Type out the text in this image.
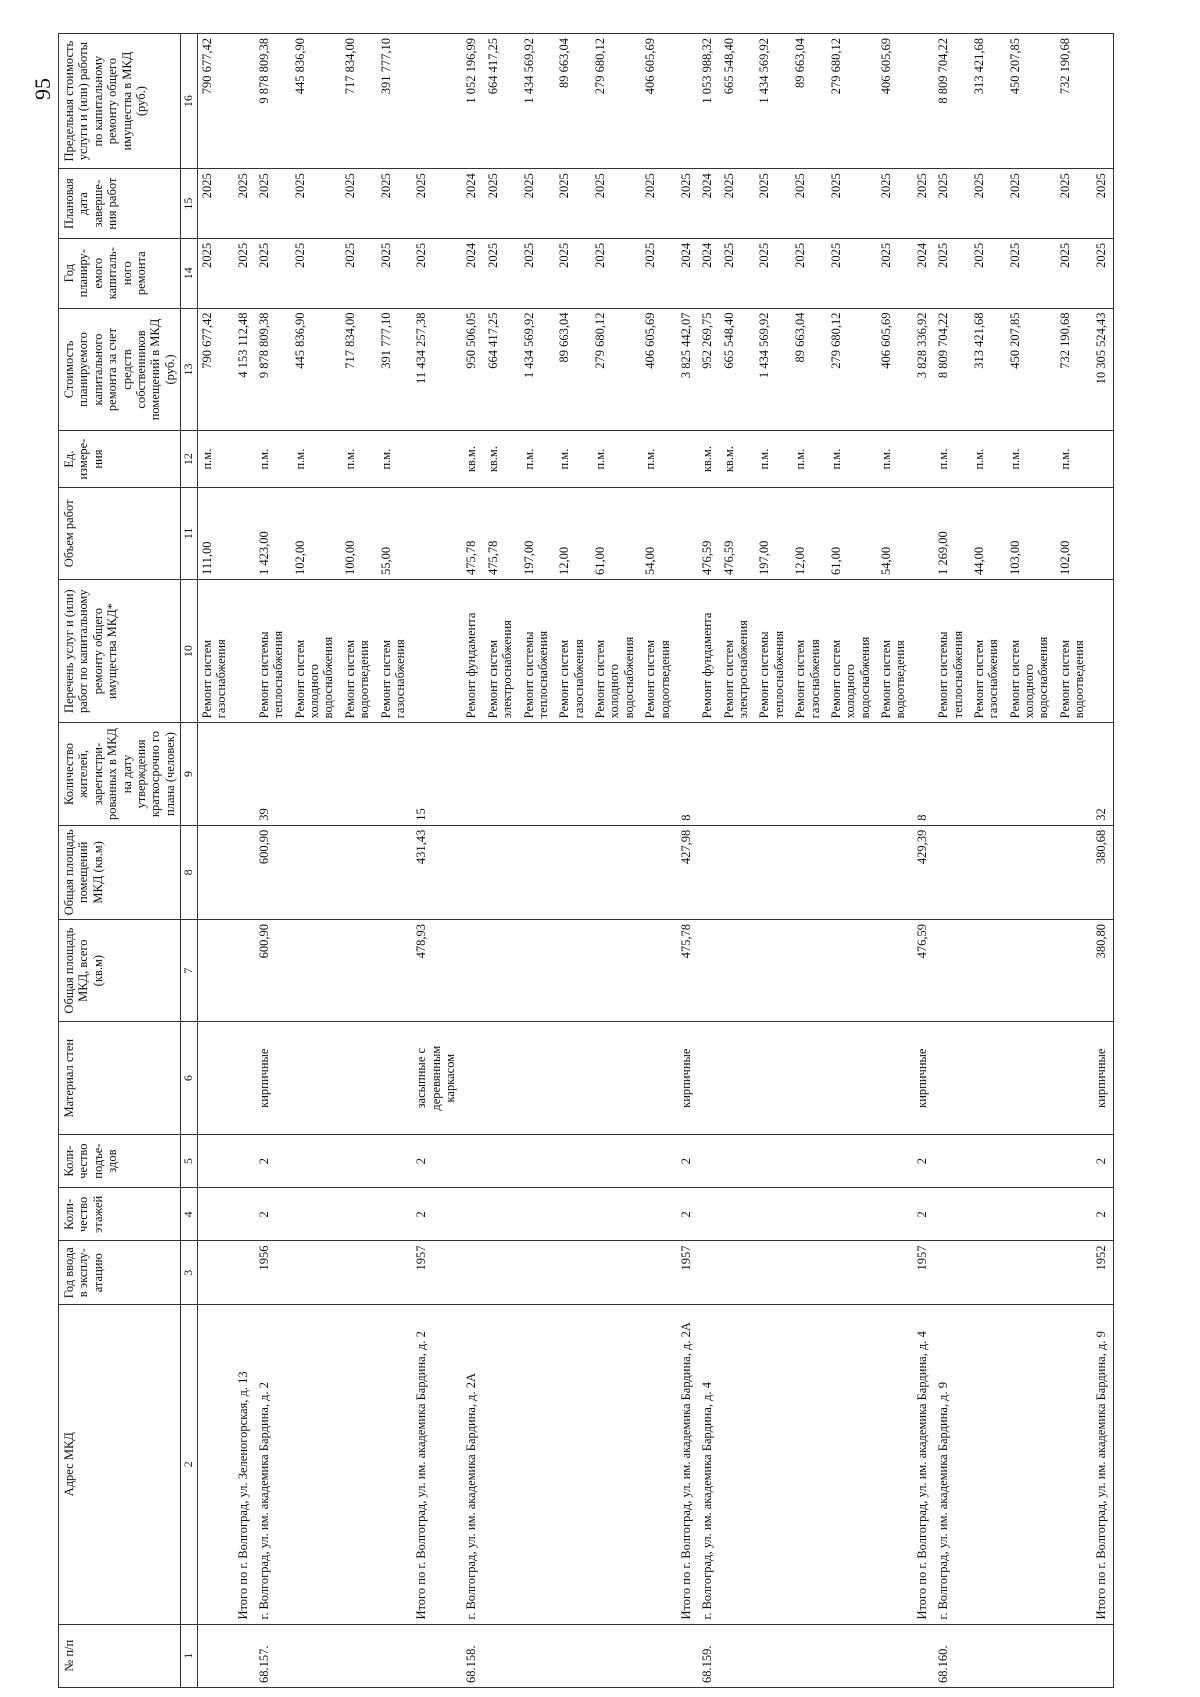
95
№ п/п	Адрес МКД	Год ввода в эксплу-атацию	Коли-чество этажей	Коли-чество подъе-здов	Материал стен	Общая площадь МКД, всего (кв.м)	Общая площадь помещений МКД (кв.м)	Количество жителей, зарегистри-рованных в МКД на дату утверждения краткосрочно го плана (человек)	Перечень услуг и (или) работ по капитальному ремонту общего имущества МКД*	Объем работ	Ед. измере-ния	Стоимость планируемого капитального ремонта за счет средств собственников помещений в МКД (руб.)	Год планиру-емого капиталь-ного ремонта	Плановая дата заверше-ния работ	Предельная стоимость услуги и (или) работы по капитальному ремонту общего имущества в МКД (руб.)
1	2	3	4	5	6	7	8	9	10	11	12	13	14	15	16
									Ремонт систем газоснабжения	111,00	п.м.	790 677,42	2025	2025	790 677,42
	Итого по г. Волгоград, ул. Зеленогорская, д. 13											4 153 112,48	2025	2025	
68.157.	г. Волгоград, ул. им. академика Бардина, д. 2	1956	2	2	кирпичные	600,90	600,90	39	Ремонт системы теплоснабжения	1 423,00	п.м.	9 878 809,38	2025	2025	9 878 809,38
									Ремонт систем холодного водоснабжения	102,00	п.м.	445 836,90	2025	2025	445 836,90
									Ремонт систем водоотведения	100,00	п.м.	717 834,00	2025	2025	717 834,00
									Ремонт систем газоснабжения	55,00	п.м.	391 777,10	2025	2025	391 777,10
	Итого по г. Волгоград, ул. им. академика Бардина, д. 2	1957	2	2	засыпные с деревянным каркасом	478,93	431,43	15				11 434 257,38	2025	2025	
68.158.	г. Волгоград, ул. им. академика Бардина, д. 2А								Ремонт фундамента	475,78	кв.м.	950 506,05	2024	2024	1 052 196,99
									Ремонт систем электроснабжения	475,78	кв.м.	664 417,25	2025	2025	664 417,25
									Ремонт системы теплоснабжения	197,00	п.м.	1 434 569,92	2025	2025	1 434 569,92
									Ремонт систем газоснабжения	12,00	п.м.	89 663,04	2025	2025	89 663,04
									Ремонт систем холодного водоснабжения	61,00	п.м.	279 680,12	2025	2025	279 680,12
									Ремонт систем водоотведения	54,00	п.м.	406 605,69	2025	2025	406 605,69
	Итого по г. Волгоград, ул. им. академика Бардина, д. 2А	1957	2	2	кирпичные	475,78	427,98	8				3 825 442,07	2024	2025	
68.159.	г. Волгоград, ул. им. академика Бардина, д. 4								Ремонт фундамента	476,59	кв.м.	952 269,75	2024	2024	1 053 988,32
									Ремонт систем электроснабжения	476,59	кв.м.	665 548,40	2025	2025	665 548,40
									Ремонт системы теплоснабжения	197,00	п.м.	1 434 569,92	2025	2025	1 434 569,92
									Ремонт систем газоснабжения	12,00	п.м.	89 663,04	2025	2025	89 663,04
									Ремонт систем холодного водоснабжения	61,00	п.м.	279 680,12	2025	2025	279 680,12
									Ремонт систем водоотведения	54,00	п.м.	406 605,69	2025	2025	406 605,69
	Итого по г. Волгоград, ул. им. академика Бардина, д. 4	1957	2	2	кирпичные	476,59	429,39	8				3 828 336,92	2024	2025	
68.160.	г. Волгоград, ул. им. академика Бардина, д. 9								Ремонт системы теплоснабжения	1 269,00	п.м.	8 809 704,22	2025	2025	8 809 704,22
									Ремонт систем газоснабжения	44,00	п.м.	313 421,68	2025	2025	313 421,68
									Ремонт систем холодного водоснабжения	103,00	п.м.	450 207,85	2025	2025	450 207,85
									Ремонт систем водоотведения	102,00	п.м.	732 190,68	2025	2025	732 190,68
	Итого по г. Волгоград, ул. им. академика Бардина, д. 9	1952	2	2	кирпичные	380,80	380,68	32				10 305 524,43	2025	2025	
